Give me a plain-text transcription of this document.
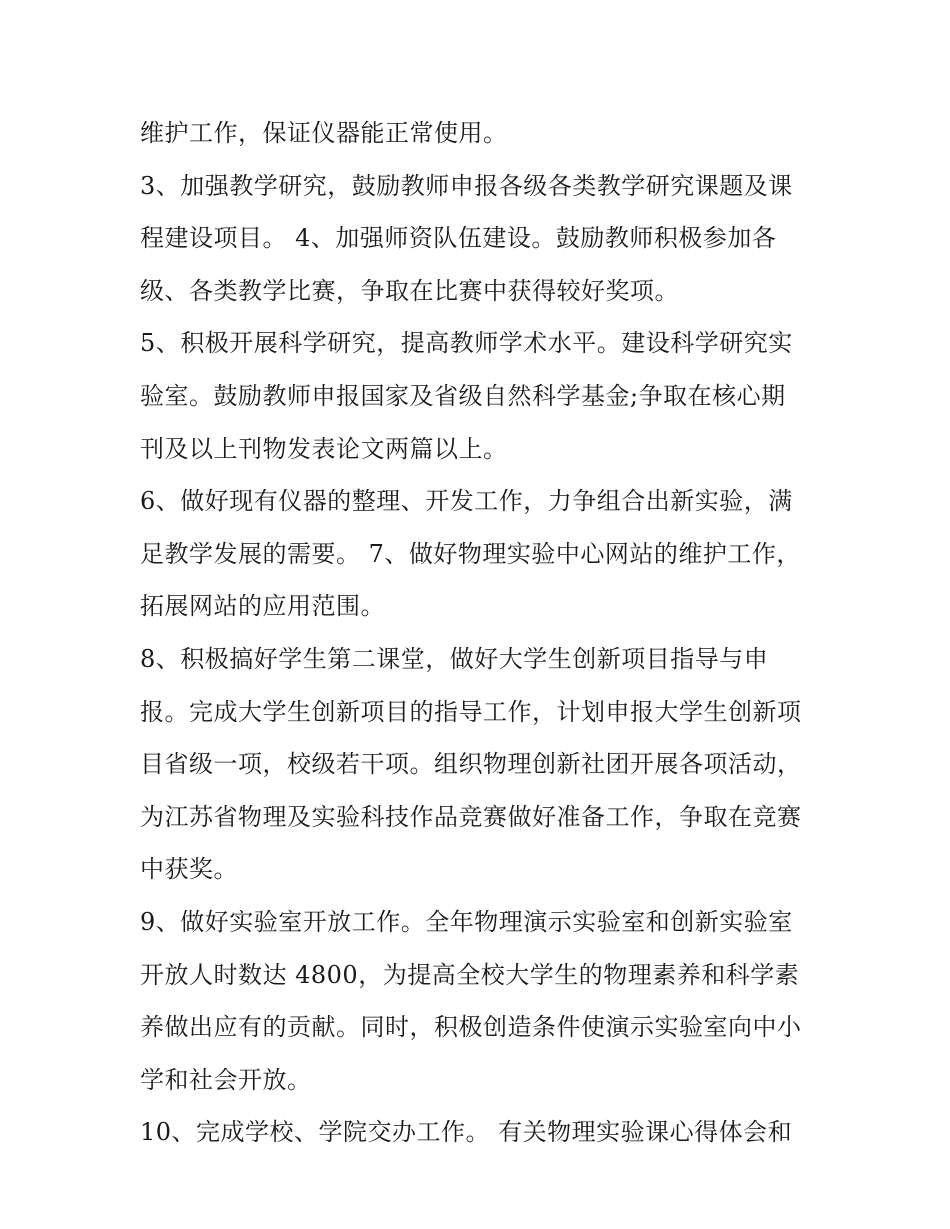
维护工作，保证仪器能正常使用。
3、加强教学研究，鼓励教师申报各级各类教学研究课题及课
程建设项目。 4、加强师资队伍建设。鼓励教师积极参加各
级、各类教学比赛，争取在比赛中获得较好奖项。
5、积极开展科学研究，提高教师学术水平。建设科学研究实
验室。鼓励教师申报国家及省级自然科学基金;争取在核心期
刊及以上刊物发表论文两篇以上。
6、做好现有仪器的整理、开发工作，力争组合出新实验，满
足教学发展的需要。 7、做好物理实验中心网站的维护工作，
拓展网站的应用范围。
8、积极搞好学生第二课堂，做好大学生创新项目指导与申
报。完成大学生创新项目的指导工作，计划申报大学生创新项
目省级一项，校级若干项。组织物理创新社团开展各项活动，
为江苏省物理及实验科技作品竞赛做好准备工作，争取在竞赛
中获奖。
9、做好实验室开放工作。全年物理演示实验室和创新实验室
开放人时数达 4800，为提高全校大学生的物理素养和科学素
养做出应有的贡献。同时，积极创造条件使演示实验室向中小
学和社会开放。
10、完成学校、学院交办工作。 有关物理实验课心得体会和
